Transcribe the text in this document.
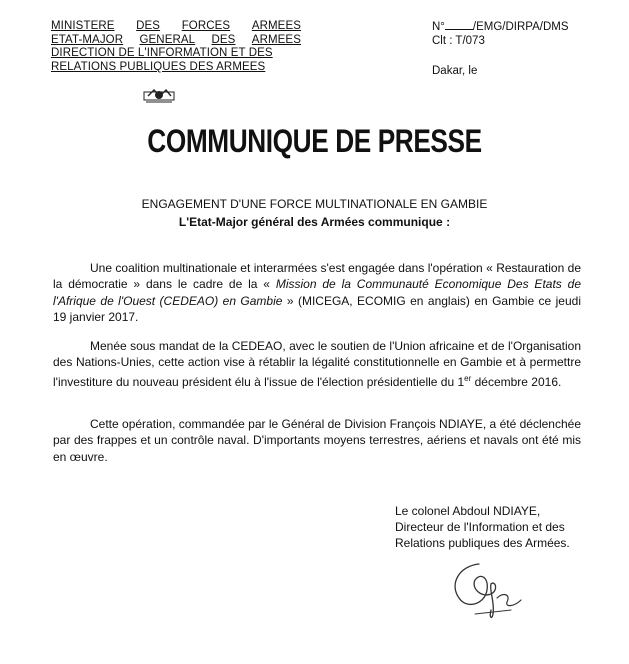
MINISTERE DES FORCES ARMEES
ETAT-MAJOR GENERAL DES ARMEES
DIRECTION DE L'INFORMATION ET DES
RELATIONS PUBLIQUES DES ARMEES
N° /EMG/DIRPA/DMS
Clt : T/073
Dakar, le
COMMUNIQUE DE PRESSE
ENGAGEMENT D'UNE FORCE MULTINATIONALE EN GAMBIE
L'Etat-Major général des Armées communique :
Une coalition multinationale et interarmées s'est engagée dans l'opération « Restauration de la démocratie » dans le cadre de la « Mission de la Communauté Economique Des Etats de l'Afrique de l'Ouest (CEDEAO) en Gambie » (MICEGA, ECOMIG en anglais) en Gambie ce jeudi 19 janvier 2017.
Menée sous mandat de la CEDEAO, avec le soutien de l'Union africaine et de l'Organisation des Nations-Unies, cette action vise à rétablir la légalité constitutionnelle en Gambie et à permettre l'investiture du nouveau président élu à l'issue de l'élection présidentielle du 1er décembre 2016.
Cette opération, commandée par le Général de Division François NDIAYE, a été déclenchée par des frappes et un contrôle naval. D'importants moyens terrestres, aériens et navals ont été mis en œuvre.
Le colonel Abdoul NDIAYE,
Directeur de l'Information et des
Relations publiques des Armées.
